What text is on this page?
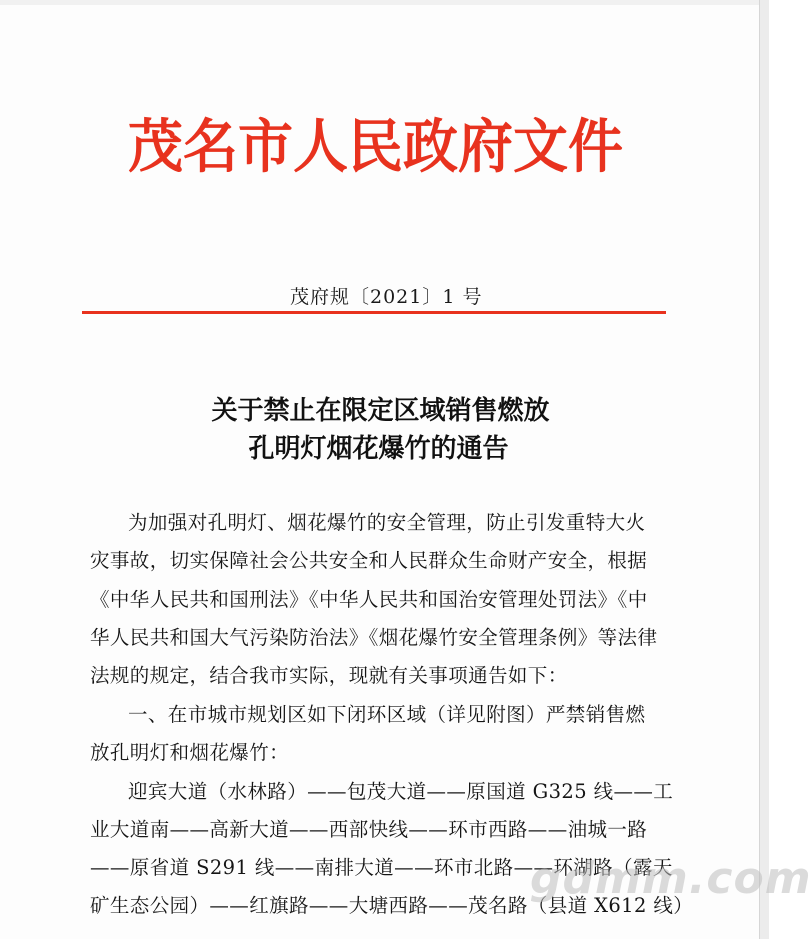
茂名市人民政府文件
茂府规〔2021〕1 号
关于禁止在限定区域销售燃放
孔明灯烟花爆竹的通告
为加强对孔明灯、烟花爆竹的安全管理，防止引发重特大火
灾事故，切实保障社会公共安全和人民群众生命财产安全，根据
《中华人民共和国刑法》《中华人民共和国治安管理处罚法》《中
华人民共和国大气污染防治法》《烟花爆竹安全管理条例》等法律
法规的规定，结合我市实际，现就有关事项通告如下：
一、在市城市规划区如下闭环区域（详见附图）严禁销售燃
放孔明灯和烟花爆竹：
迎宾大道（水林路）——包茂大道——原国道 G325 线——工
业大道南——高新大道——西部快线——环市西路——油城一路
——原省道 S291 线——南排大道——环市北路——环湖路（露天
矿生态公园）——红旗路——大塘西路——茂名路（县道 X612 线）
gdmm.com
